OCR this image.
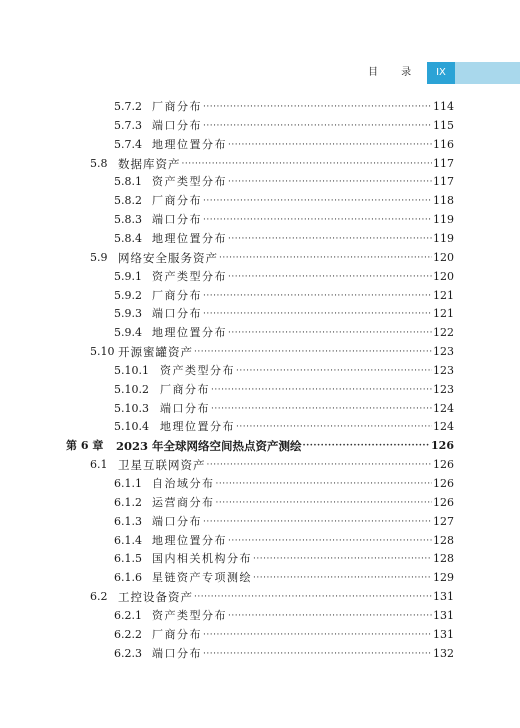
目 录	IX
5.7.2 厂商分布 ·····	114
5.7.3 端口分布 ·····	115
5.7.4 地理位置分布 ·····	116
5.8 数据库资产 ·····	117
5.8.1 资产类型分布 ·····	117
5.8.2 厂商分布 ·····	118
5.8.3 端口分布 ·····	119
5.8.4 地理位置分布 ·····	119
5.9 网络安全服务资产 ·····	120
5.9.1 资产类型分布 ·····	120
5.9.2 厂商分布 ·····	121
5.9.3 端口分布 ·····	121
5.9.4 地理位置分布 ·····	122
5.10 开源蜜罐资产 ·····	123
5.10.1	资产类型分布 ·····	123
5.10.2	厂商分布 ·····	123
5.10.3	端口分布 ·····	124
5.10.4	地理位置分布 ·····	124
第 6 章	2023 年全球网络空间热点资产测绘 ·····	126
6.1 卫星互联网资产 ·····	126
6.1.1 自治域分布 ·····	126
6.1.2 运营商分布 ·····	126
6.1.3 端口分布 ·····	127
6.1.4 地理位置分布 ·····	128
6.1.5 国内相关机构分布 ·····	128
6.1.6 星链资产专项测绘 ·····	129
6.2 工控设备资产 ·····	131
6.2.1 资产类型分布 ·····	131
6.2.2 厂商分布 ·····	131
6.2.3 端口分布 ·····	132
